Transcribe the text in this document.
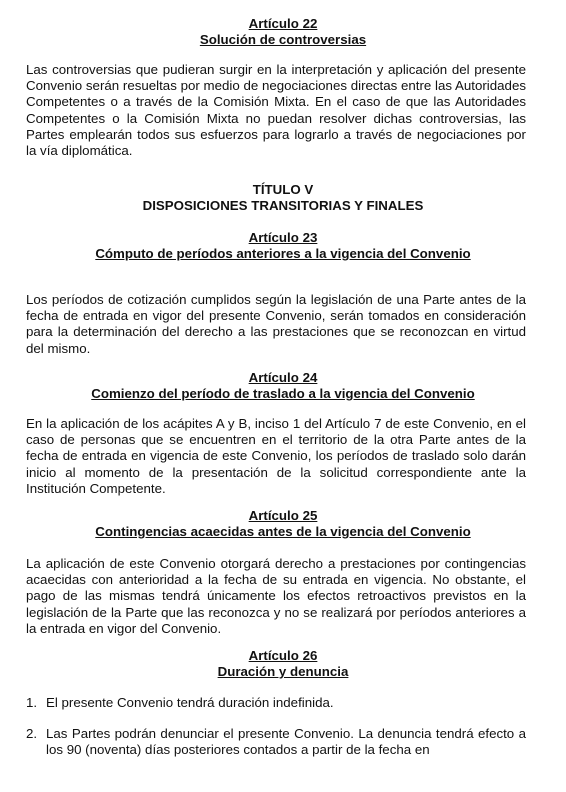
Artículo 22
Solución de controversias

Las controversias que pudieran surgir en la interpretación y aplicación del presente Convenio serán resueltas por medio de negociaciones directas entre las Autoridades Competentes o a través de la Comisión Mixta. En el caso de que las Autoridades Competentes o la Comisión Mixta no puedan resolver dichas controversias, las Partes emplearán todos sus esfuerzos para lograrlo a través de negociaciones por la vía diplomática.

TÍTULO V
DISPOSICIONES TRANSITORIAS Y FINALES
Artículo 23
Cómputo de períodos anteriores a la vigencia del Convenio

Los períodos de cotización cumplidos según la legislación de una Parte antes de la fecha de entrada en vigor del presente Convenio, serán tomados en consideración para la determinación del derecho a las prestaciones que se reconozcan en virtud del mismo.

Artículo 24
Comienzo del período de traslado a la vigencia del Convenio

En la aplicación de los acápites A y B, inciso 1 del Artículo 7 de este Convenio, en el caso de personas que se encuentren en el territorio de la otra Parte antes de la fecha de entrada en vigencia de este Convenio, los períodos de traslado solo darán inicio al momento de la presentación de la solicitud correspondiente ante la Institución Competente.

Artículo 25
Contingencias acaecidas antes de la vigencia del Convenio

La aplicación de este Convenio otorgará derecho a prestaciones por contingencias acaecidas con anterioridad a la fecha de su entrada en vigencia. No obstante, el pago de las mismas tendrá únicamente los efectos retroactivos previstos en la legislación de la Parte que las reconozca y no se realizará por períodos anteriores a la entrada en vigor del Convenio.

Artículo 26
Duración y denuncia
1. El presente Convenio tendrá duración indefinida.
2. Las Partes podrán denunciar el presente Convenio. La denuncia tendrá efecto a los 90 (noventa) días posteriores contados a partir de la fecha en
